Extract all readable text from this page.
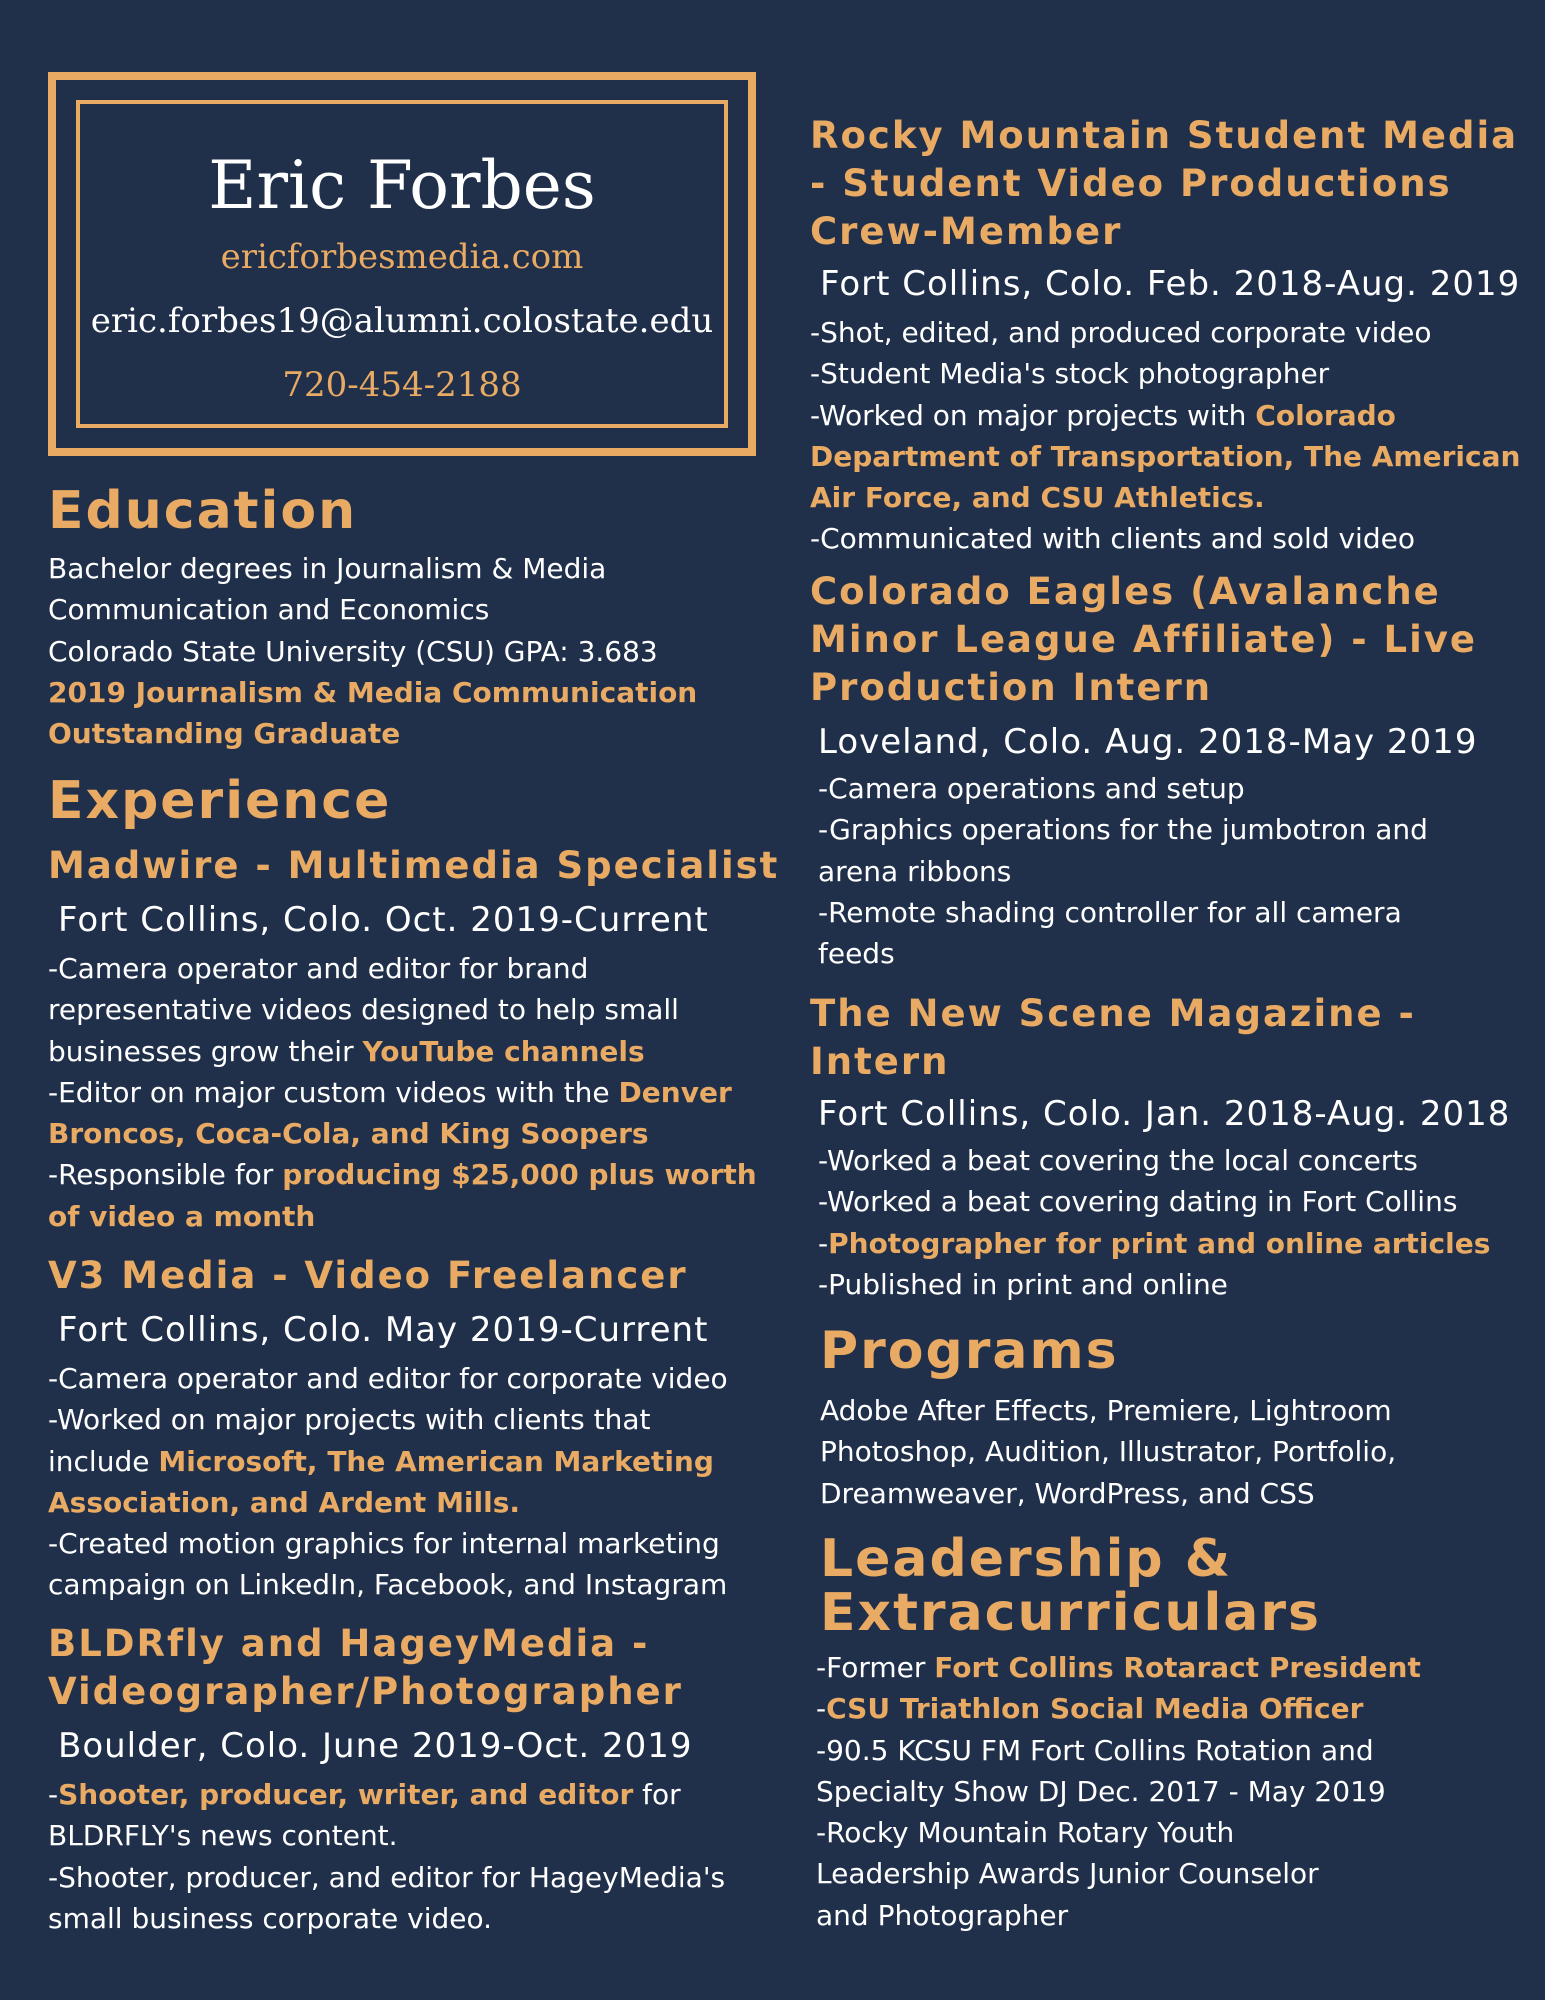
Eric Forbes
ericforbesmedia.com
eric.forbes19@alumni.colostate.edu
720-454-2188
Education
Bachelor degrees in Journalism & Media
Communication and Economics
Colorado State University (CSU) GPA: 3.683
2019 Journalism & Media Communication
Outstanding Graduate
Experience
Madwire - Multimedia Specialist
Fort Collins, Colo. Oct. 2019-Current
-Camera operator and editor for brand
representative videos designed to help small
businesses grow their YouTube channels
-Editor on major custom videos with the Denver
Broncos, Coca-Cola, and King Soopers
-Responsible for producing $25,000 plus worth
of video a month
V3 Media - Video Freelancer
Fort Collins, Colo. May 2019-Current
-Camera operator and editor for corporate video
-Worked on major projects with clients that
include Microsoft, The American Marketing
Association, and Ardent Mills.
-Created motion graphics for internal marketing
campaign on LinkedIn, Facebook, and Instagram
BLDRfly and HageyMedia -
Videographer/Photographer
Boulder, Colo. June 2019-Oct. 2019
-Shooter, producer, writer, and editor for
BLDRFLY's news content.
-Shooter, producer, and editor for HageyMedia's
small business corporate video.
Rocky Mountain Student Media
- Student Video Productions
Crew-Member
Fort Collins, Colo. Feb. 2018-Aug. 2019
-Shot, edited, and produced corporate video
-Student Media's stock photographer
-Worked on major projects with Colorado
Department of Transportation, The American
Air Force, and CSU Athletics.
-Communicated with clients and sold video
Colorado Eagles (Avalanche
Minor League Affiliate) - Live
Production Intern
Loveland, Colo. Aug. 2018-May 2019
-Camera operations and setup
-Graphics operations for the jumbotron and
arena ribbons
-Remote shading controller for all camera
feeds
The New Scene Magazine -
Intern
Fort Collins, Colo. Jan. 2018-Aug. 2018
-Worked a beat covering the local concerts
-Worked a beat covering dating in Fort Collins
-Photographer for print and online articles
-Published in print and online
Programs
Adobe After Effects, Premiere, Lightroom
Photoshop, Audition, Illustrator, Portfolio,
Dreamweaver, WordPress, and CSS
Leadership &
Extracurriculars
-Former Fort Collins Rotaract President
-CSU Triathlon Social Media Officer
-90.5 KCSU FM Fort Collins Rotation and
Specialty Show DJ Dec. 2017 - May 2019
-Rocky Mountain Rotary Youth
Leadership Awards Junior Counselor
and Photographer
